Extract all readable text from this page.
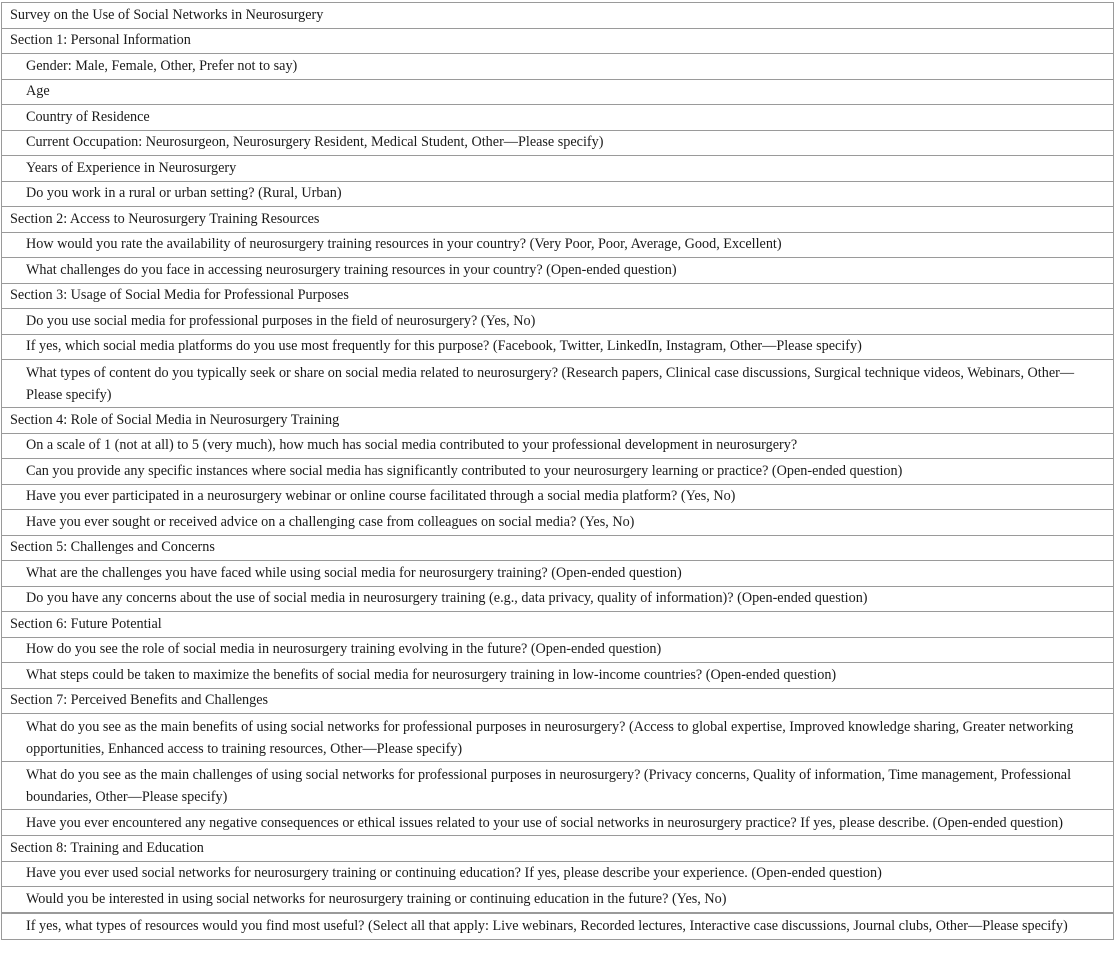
Survey on the Use of Social Networks in Neurosurgery
Section 1: Personal Information
Gender: Male, Female, Other, Prefer not to say)
Age
Country of Residence
Current Occupation: Neurosurgeon, Neurosurgery Resident, Medical Student, Other—Please specify)
Years of Experience in Neurosurgery
Do you work in a rural or urban setting? (Rural, Urban)
Section 2: Access to Neurosurgery Training Resources
How would you rate the availability of neurosurgery training resources in your country? (Very Poor, Poor, Average, Good, Excellent)
What challenges do you face in accessing neurosurgery training resources in your country? (Open-ended question)
Section 3: Usage of Social Media for Professional Purposes
Do you use social media for professional purposes in the field of neurosurgery? (Yes, No)
If yes, which social media platforms do you use most frequently for this purpose? (Facebook, Twitter, LinkedIn, Instagram, Other—Please specify)
What types of content do you typically seek or share on social media related to neurosurgery? (Research papers, Clinical case discussions, Surgical technique videos, Webinars, Other—Please specify)
Section 4: Role of Social Media in Neurosurgery Training
On a scale of 1 (not at all) to 5 (very much), how much has social media contributed to your professional development in neurosurgery?
Can you provide any specific instances where social media has significantly contributed to your neurosurgery learning or practice? (Open-ended question)
Have you ever participated in a neurosurgery webinar or online course facilitated through a social media platform? (Yes, No)
Have you ever sought or received advice on a challenging case from colleagues on social media? (Yes, No)
Section 5: Challenges and Concerns
What are the challenges you have faced while using social media for neurosurgery training? (Open-ended question)
Do you have any concerns about the use of social media in neurosurgery training (e.g., data privacy, quality of information)? (Open-ended question)
Section 6: Future Potential
How do you see the role of social media in neurosurgery training evolving in the future? (Open-ended question)
What steps could be taken to maximize the benefits of social media for neurosurgery training in low-income countries? (Open-ended question)
Section 7: Perceived Benefits and Challenges
What do you see as the main benefits of using social networks for professional purposes in neurosurgery? (Access to global expertise, Improved knowledge sharing, Greater networking opportunities, Enhanced access to training resources, Other—Please specify)
What do you see as the main challenges of using social networks for professional purposes in neurosurgery? (Privacy concerns, Quality of information, Time management, Professional boundaries, Other—Please specify)
Have you ever encountered any negative consequences or ethical issues related to your use of social networks in neurosurgery practice? If yes, please describe. (Open-ended question)
Section 8: Training and Education
Have you ever used social networks for neurosurgery training or continuing education? If yes, please describe your experience. (Open-ended question)
Would you be interested in using social networks for neurosurgery training or continuing education in the future? (Yes, No)
If yes, what types of resources would you find most useful? (Select all that apply: Live webinars, Recorded lectures, Interactive case discussions, Journal clubs, Other—Please specify)
